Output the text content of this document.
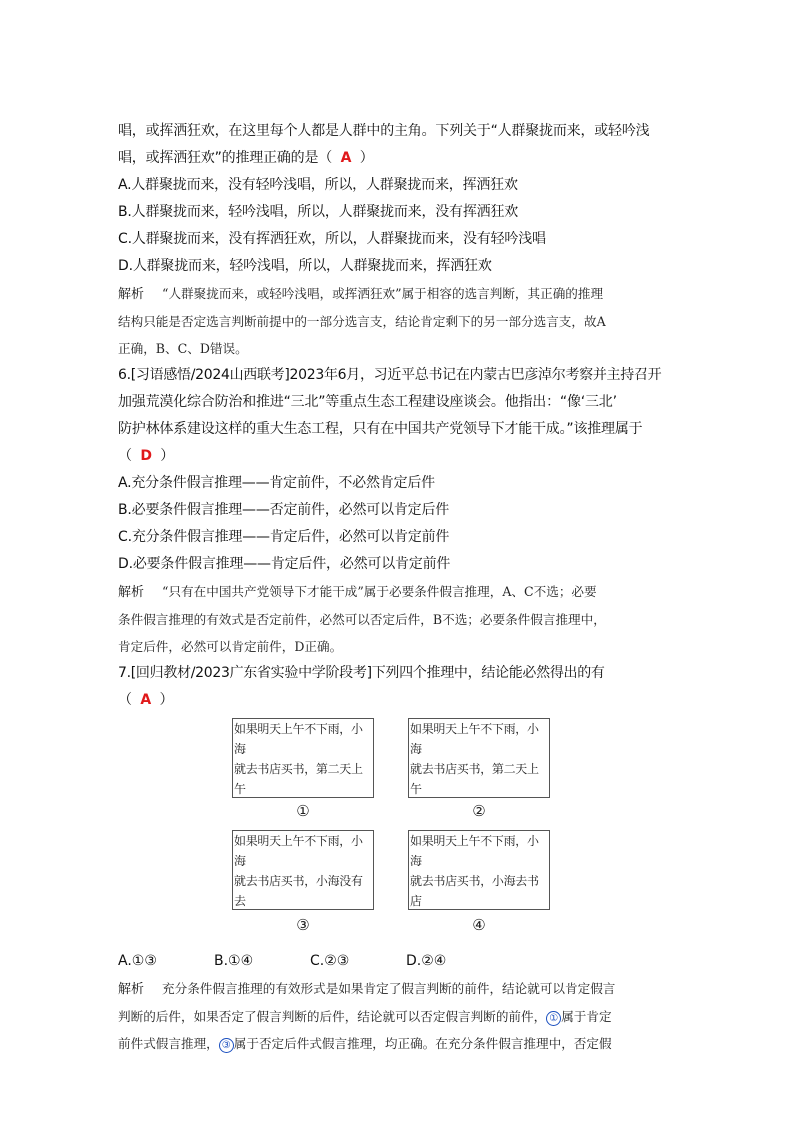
唱，或挥洒狂欢，在这里每个人都是人群中的主角。下列关于“人群聚拢而来，或轻吟浅
唱，或挥洒狂欢”的推理正确的是（ A ）
A.人群聚拢而来，没有轻吟浅唱，所以，人群聚拢而来，挥洒狂欢
B.人群聚拢而来，轻吟浅唱，所以，人群聚拢而来，没有挥洒狂欢
C.人群聚拢而来，没有挥洒狂欢，所以，人群聚拢而来，没有轻吟浅唱
D.人群聚拢而来，轻吟浅唱，所以，人群聚拢而来，挥洒狂欢
解析 “人群聚拢而来，或轻吟浅唱，或挥洒狂欢”属于相容的选言判断，其正确的推理
结构只能是否定选言判断前提中的一部分选言支，结论肯定剩下的另一部分选言支，故A
正确，B、C、D错误。
6.[习语感悟/2024山西联考]2023年6月，习近平总书记在内蒙古巴彦淖尔考察并主持召开
加强荒漠化综合防治和推进“三北”等重点生态工程建设座谈会。他指出：“像‘三北’
防护林体系建设这样的重大生态工程，只有在中国共产党领导下才能干成。”该推理属于
（ D ）
A.充分条件假言推理——肯定前件，不必然肯定后件
B.必要条件假言推理——否定前件，必然可以肯定后件
C.充分条件假言推理——肯定后件，必然可以肯定前件
D.必要条件假言推理——肯定后件，必然可以肯定前件
解析 “只有在中国共产党领导下才能干成”属于必要条件假言推理，A、C不选；必要
条件假言推理的有效式是否定前件，必然可以否定后件，B不选；必要条件假言推理中，
肯定后件，必然可以肯定前件，D正确。
7.[回归教材/2023广东省实验中学阶段考]下列四个推理中，结论能必然得出的有
（ A ）
如果明天上午不下雨，小海
就去书店买书，第二天上午
①
如果明天上午不下雨，小海
就去书店买书，第二天上午
②
如果明天上午不下雨，小海
就去书店买书，小海没有去
③
如果明天上午不下雨，小海
就去书店买书，小海去书店
④
A.①③	B.①④	C.②③	D.②④
解析 充分条件假言推理的有效形式是如果肯定了假言判断的前件，结论就可以肯定假言
判断的后件，如果否定了假言判断的后件，结论就可以否定假言判断的前件， ① 属于肯定
前件式假言推理， ③ 属于否定后件式假言推理，均正确。在充分条件假言推理中，否定假
